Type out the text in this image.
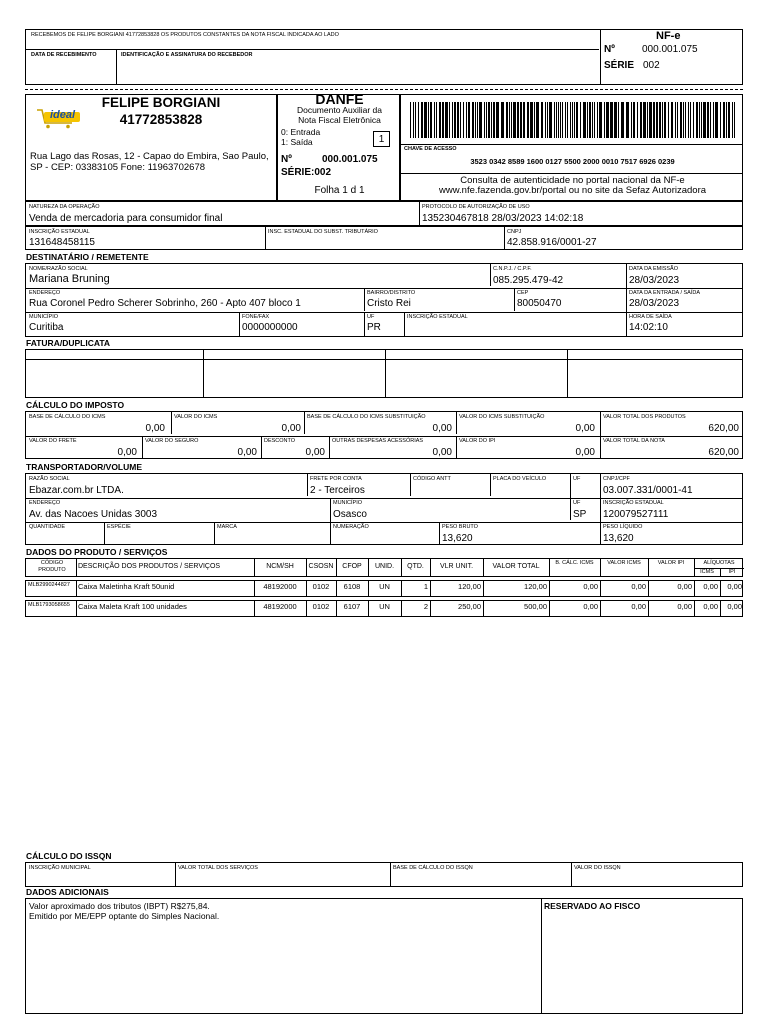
RECEBEMOS DE FELIPE BORGIANI 41772853828 OS PRODUTOS CONSTANTES DA NOTA FISCAL INDICADA AO LADO
DATA DE RECEBIMENTO	IDENTIFICAÇÃO E ASSINATURA DO RECEBEDOR
NF-e
Nº	000.001.075
SÉRIE 002
ideal
FELIPE BORGIANI
41772853828
Rua Lago das Rosas, 12 - Capao do Embira, Sao Paulo, SP - CEP: 03383105 Fone: 11963702678
DANFE
Documento Auxiliar da
Nota Fiscal Eletrônica
0: Entrada
1: Saída	1
Nº	000.001.075
SÉRIE:002
Folha 1 d 1
CHAVE DE ACESSO
3523 0342 8589 1600 0127 5500 2000 0010 7517 6926 0239
Consulta de autenticidade no portal nacional da NF-e
www.nfe.fazenda.gov.br/portal ou no site da Sefaz Autorizadora
NATUREZA DA OPERAÇÃO
Venda de mercadoria para consumidor final
PROTOCOLO DE AUTORIZAÇÃO DE USO
135230467818 28/03/2023 14:02:18
INSCRIÇÃO ESTADUAL
131648458115
INSC. ESTADUAL DO SUBST. TRIBUTÁRIO	CNPJ
42.858.916/0001-27
DESTINATÁRIO / REMETENTE
NOME/RAZÃO SOCIAL
Mariana Bruning
C.N.P.J. / C.P.F.
085.295.479-42
DATA DA EMISSÃO
28/03/2023
ENDEREÇO
Rua Coronel Pedro Scherer Sobrinho, 260 - Apto 407 bloco 1
BAIRRO/DISTRITO
Cristo Rei
CEP
80050470
DATA DA ENTRADA / SAÍDA
28/03/2023
MUNICÍPIO
Curitiba
FONE/FAX
0000000000
UF
PR
INSCRIÇÃO ESTADUAL	HORA DE SAÍDA
14:02:10
FATURA/DUPLICATA
CÁLCULO DO IMPOSTO
BASE DE CÁLCULO DO ICMS
0,00
VALOR DO ICMS
0,00
BASE DE CÁLCULO DO ICMS SUBSTITUIÇÃO
0,00
VALOR DO ICMS SUBSTITUIÇÃO
0,00
VALOR TOTAL DOS PRODUTOS
620,00
VALOR DO FRETE
0,00
VALOR DO SEGURO
0,00
DESCONTO
0,00
OUTRAS DESPESAS ACESSÓRIAS
0,00
VALOR DO IPI
0,00
VALOR TOTAL DA NOTA
620,00
TRANSPORTADOR/VOLUME
RAZÃO SOCIAL
Ebazar.com.br LTDA.
FRETE POR CONTA
2 - Terceiros
CÓDIGO ANTT	PLACA DO VEÍCULO	UF	CNPJ/CPF
03.007.331/0001-41
ENDEREÇO
Av. das Nacoes Unidas 3003
MUNICÍPIO
Osasco
UF
SP
INSCRIÇÃO ESTADUAL
120079527111
QUANTIDADE	ESPÉCIE	MARCA	NUMERAÇÃO	PESO BRUTO
13,620
PESO LÍQUIDO
13,620
DADOS DO PRODUTO / SERVIÇOS
CÓDIGO PRODUTO	DESCRIÇÃO DOS PRODUTOS / SERVIÇOS	NCM/SH	CSOSN	CFOP	UNID.	QTD.	VLR UNIT.	VALOR TOTAL	B. CÁLC. ICMS	VALOR ICMS	VALOR IPI	ALÍQUOTAS
ICMS	IPI
MLB2990244827	Caixa Maletinha Kraft 50unid	48192000	0102	6108	UN	1	120,00	120,00	0,00	0,00	0,00	0,00	0,00
MLB1793058655	Caixa Maleta Kraft 100 unidades	48192000	0102	6107	UN	2	250,00	500,00	0,00	0,00	0,00	0,00	0,00
CÁLCULO DO ISSQN
INSCRIÇÃO MUNICIPAL	VALOR TOTAL DOS SERVIÇOS	BASE DE CÁLCULO DO ISSQN	VALOR DO ISSQN
DADOS ADICIONAIS
Valor aproximado dos tributos (IBPT) R$275,84.
Emitido por ME/EPP optante do Simples Nacional.
RESERVADO AO FISCO
